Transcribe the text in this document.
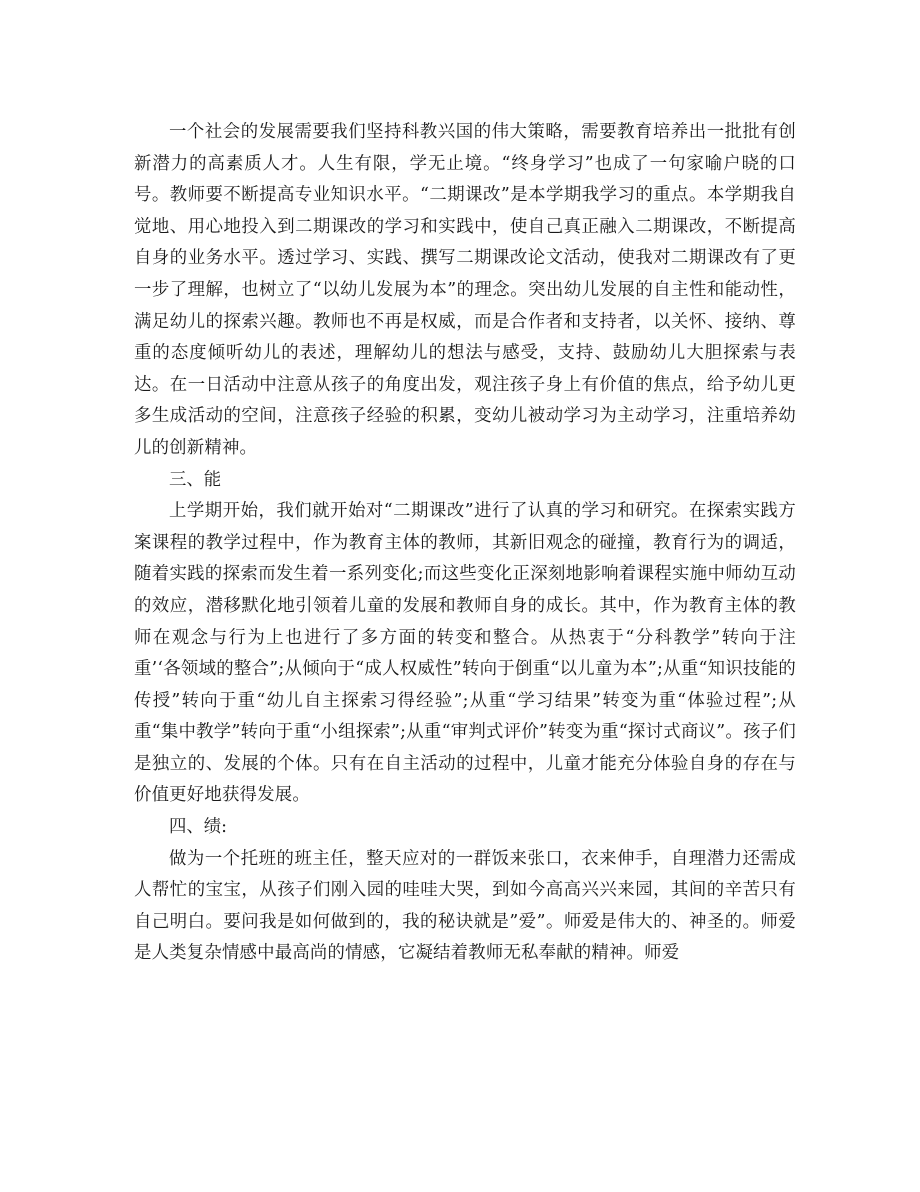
一个社会的发展需要我们坚持科教兴国的伟大策略，需要教育培养出一批批有创新潜力的高素质人才。人生有限，学无止境。“终身学习”也成了一句家喻户晓的口号。教师要不断提高专业知识水平。“二期课改”是本学期我学习的重点。本学期我自觉地、用心地投入到二期课改的学习和实践中，使自己真正融入二期课改，不断提高自身的业务水平。透过学习、实践、撰写二期课改论文活动，使我对二期课改有了更一步了理解，也树立了“以幼儿发展为本”的理念。突出幼儿发展的自主性和能动性，满足幼儿的探索兴趣。教师也不再是权威，而是合作者和支持者，以关怀、接纳、尊重的态度倾听幼儿的表述，理解幼儿的想法与感受，支持、鼓励幼儿大胆探索与表达。在一日活动中注意从孩子的角度出发，观注孩子身上有价值的焦点，给予幼儿更多生成活动的空间，注意孩子经验的积累，变幼儿被动学习为主动学习，注重培养幼儿的创新精神。

三、能

上学期开始，我们就开始对“二期课改”进行了认真的学习和研究。在探索实践方案课程的教学过程中，作为教育主体的教师，其新旧观念的碰撞，教育行为的调适，随着实践的探索而发生着一系列变化;而这些变化正深刻地影响着课程实施中师幼互动的效应，潜移默化地引领着儿童的发展和教师自身的成长。其中，作为教育主体的教师在观念与行为上也进行了多方面的转变和整合。从热衷于“分科教学”转向于注重’‘各领域的整合”;从倾向于“成人权威性”转向于倒重“以儿童为本”;从重“知识技能的传授”转向于重“幼儿自主探索习得经验”;从重“学习结果”转变为重“体验过程”;从重“集中教学”转向于重“小组探索”;从重“审判式评价”转变为重“探讨式商议”。孩子们是独立的、发展的个体。只有在自主活动的过程中，儿童才能充分体验自身的存在与价值更好地获得发展。

四、绩:

做为一个托班的班主任，整天应对的一群饭来张口，衣来伸手，自理潜力还需成人帮忙的宝宝，从孩子们刚入园的哇哇大哭，到如今高高兴兴来园，其间的辛苦只有自己明白。要问我是如何做到的，我的秘诀就是”爱”。师爱是伟大的、神圣的。师爱是人类复杂情感中最高尚的情感，它凝结着教师无私奉献的精神。师爱
